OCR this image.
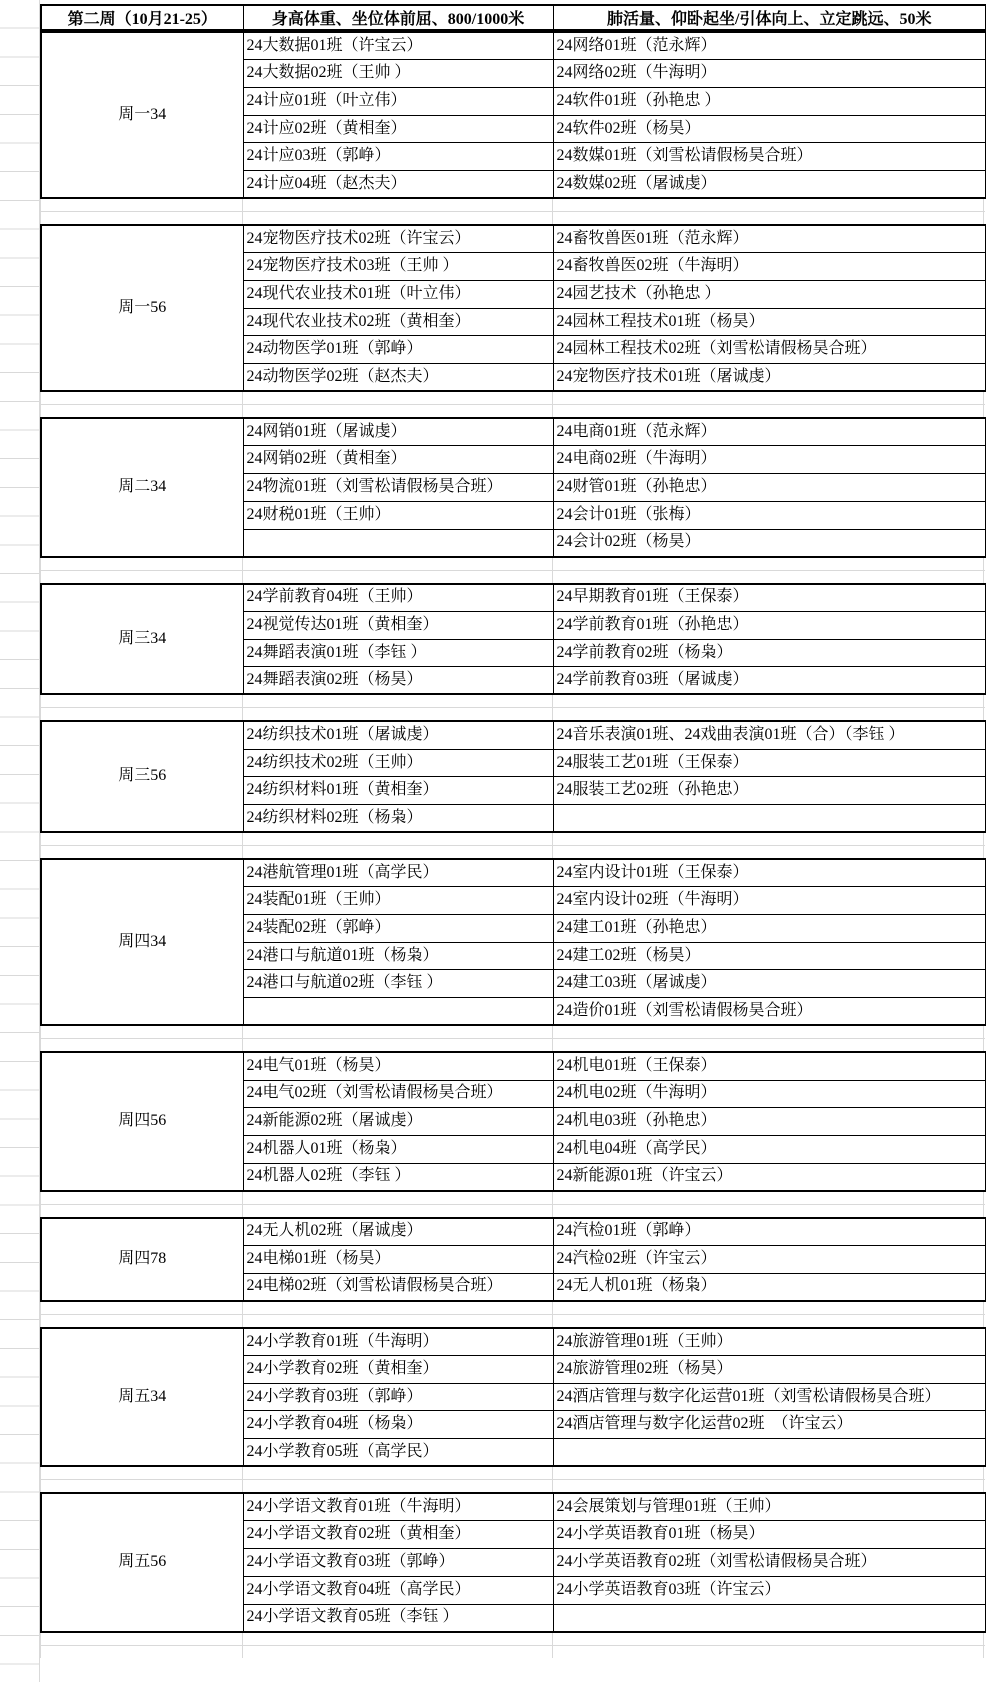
第二周（10月21-25）	身高体重、坐位体前屈、800/1000米	肺活量、仰卧起坐/引体向上、立定跳远、50米
周一34	24大数据01班（许宝云）	24网络01班（范永辉）
	24大数据02班（王帅 ）	24网络02班（牛海明）
	24计应01班（叶立伟）	24软件01班（孙艳忠 ）
	24计应02班（黄相奎）	24软件02班（杨昊）
	24计应03班（郭峥）	24数媒01班（刘雪松请假杨昊合班）
	24计应04班（赵杰夫）	24数媒02班（屠诚虔）
周一56	24宠物医疗技术02班（许宝云）	24畜牧兽医01班（范永辉）
	24宠物医疗技术03班（王帅 ）	24畜牧兽医02班（牛海明）
	24现代农业技术01班（叶立伟）	24园艺技术（孙艳忠 ）
	24现代农业技术02班（黄相奎）	24园林工程技术01班（杨昊）
	24动物医学01班（郭峥）	24园林工程技术02班（刘雪松请假杨昊合班）
	24动物医学02班（赵杰夫）	24宠物医疗技术01班（屠诚虔）
周二34	24网销01班（屠诚虔）	24电商01班（范永辉）
	24网销02班（黄相奎）	24电商02班（牛海明）
	24物流01班（刘雪松请假杨昊合班）	24财管01班（孙艳忠）
	24财税01班（王帅）	24会计01班（张梅）
		24会计02班（杨昊）
周三34	24学前教育04班（王帅）	24早期教育01班（王保泰）
	24视觉传达01班（黄相奎）	24学前教育01班（孙艳忠）
	24舞蹈表演01班（李钰 ）	24学前教育02班（杨枭）
	24舞蹈表演02班（杨昊）	24学前教育03班（屠诚虔）
周三56	24纺织技术01班（屠诚虔）	24音乐表演01班、24戏曲表演01班（合）（李钰 ）
	24纺织技术02班（王帅）	24服装工艺01班（王保泰）
	24纺织材料01班（黄相奎）	24服装工艺02班（孙艳忠）
	24纺织材料02班（杨枭）	
周四34	24港航管理01班（高学民）	24室内设计01班（王保泰）
	24装配01班（王帅）	24室内设计02班（牛海明）
	24装配02班（郭峥）	24建工01班（孙艳忠）
	24港口与航道01班（杨枭）	24建工02班（杨昊）
	24港口与航道02班（李钰 ）	24建工03班（屠诚虔）
		24造价01班（刘雪松请假杨昊合班）
周四56	24电气01班（杨昊）	24机电01班（王保泰）
	24电气02班（刘雪松请假杨昊合班）	24机电02班（牛海明）
	24新能源02班（屠诚虔）	24机电03班（孙艳忠）
	24机器人01班（杨枭）	24机电04班（高学民）
	24机器人02班（李钰 ）	24新能源01班（许宝云）
周四78	24无人机02班（屠诚虔）	24汽检01班（郭峥）
	24电梯01班（杨昊）	24汽检02班（许宝云）
	24电梯02班（刘雪松请假杨昊合班）	24无人机01班（杨枭）
周五34	24小学教育01班（牛海明）	24旅游管理01班（王帅）
	24小学教育02班（黄相奎）	24旅游管理02班（杨昊）
	24小学教育03班（郭峥）	24酒店管理与数字化运营01班（刘雪松请假杨昊合班）
	24小学教育04班（杨枭）	24酒店管理与数字化运营02班　（许宝云）
	24小学教育05班（高学民）	
周五56	24小学语文教育01班（牛海明）	24会展策划与管理01班（王帅）
	24小学语文教育02班（黄相奎）	24小学英语教育01班（杨昊）
	24小学语文教育03班（郭峥）	24小学英语教育02班（刘雪松请假杨昊合班）
	24小学语文教育04班（高学民）	24小学英语教育03班（许宝云）
	24小学语文教育05班（李钰 ）	
